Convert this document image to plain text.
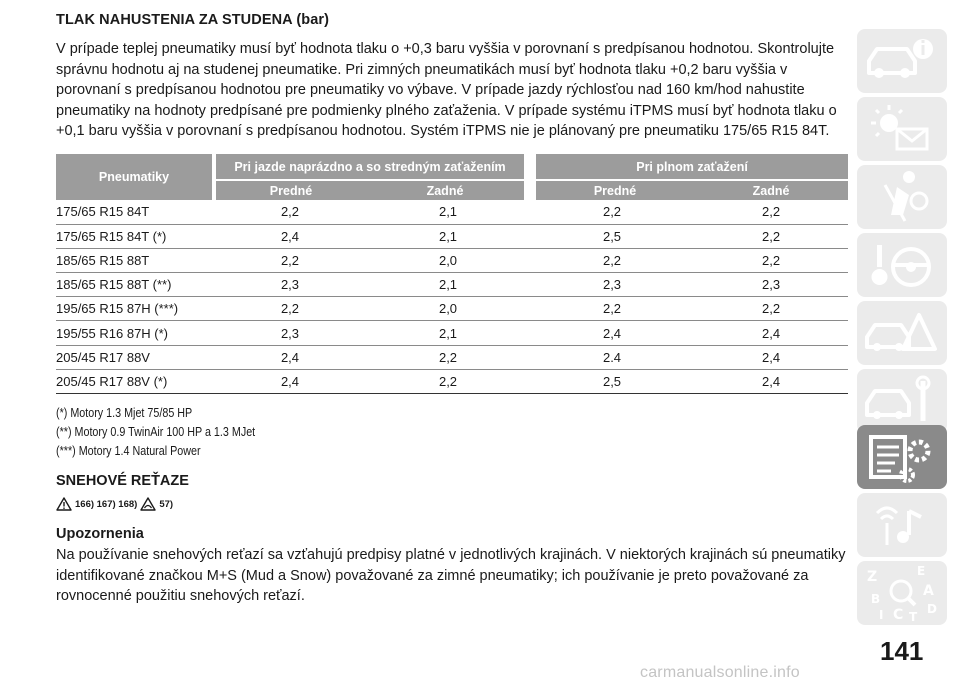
TLAK NAHUSTENIA ZA STUDENA (bar)
V prípade teplej pneumatiky musí byť hodnota tlaku o +0,3 baru vyššia v porovnaní s predpísanou hodnotou. Skontrolujte správnu hodnotu aj na studenej pneumatike. Pri zimných pneumatikách musí byť hodnota tlaku +0,2 baru vyššia v porovnaní s predpísanou hodnotou pre pneumatiky vo výbave. V prípade jazdy rýchlosťou nad 160 km/hod nahustite pneumatiky na hodnoty predpísané pre podmienky plného zaťaženia. V prípade systému iTPMS musí byť hodnota tlaku o +0,1 baru vyššia v porovnaní s predpísanou hodnotou. Systém iTPMS nie je plánovaný pre pneumatiku 175/65 R15 84T.
Pneumatiky	Pri jazde naprázdno a so stredným zaťažením		Pri plnom zaťažení	
	Predné	Zadné	Predné	Zadné
175/65 R15 84T	2,2	2,1	2,2	2,2
175/65 R15 84T (*)	2,4	2,1	2,5	2,2
185/65 R15 88T	2,2	2,0	2,2	2,2
185/65 R15 88T (**)	2,3	2,1	2,3	2,3
195/65 R15 87H (***)	2,2	2,0	2,2	2,2
195/55 R16 87H (*)	2,3	2,1	2,4	2,4
205/45 R17 88V	2,4	2,2	2.4	2,4
205/45 R17 88V (*)	2,4	2,2	2,5	2,4
(*) Motory 1.3 Mjet 75/85 HP
(**) Motory 0.9 TwinAir 100 HP a 1.3 MJet
(***) Motory 1.4 Natural Power
SNEHOVÉ REŤAZE
166) 167) 168) 57)
Upozornenia
Na používanie snehových reťazí sa vzťahujú predpisy platné v jednotlivých krajinách. V niektorých krajinách sú pneumatiky identifikované značkou M+S (Mud a Snow) považované za zimné pneumatiky; ich používanie je preto považované za rovnocenné použitiu snehových reťazí.
141
carmanualsonline.info
Z	E
A
B
I C T
D
